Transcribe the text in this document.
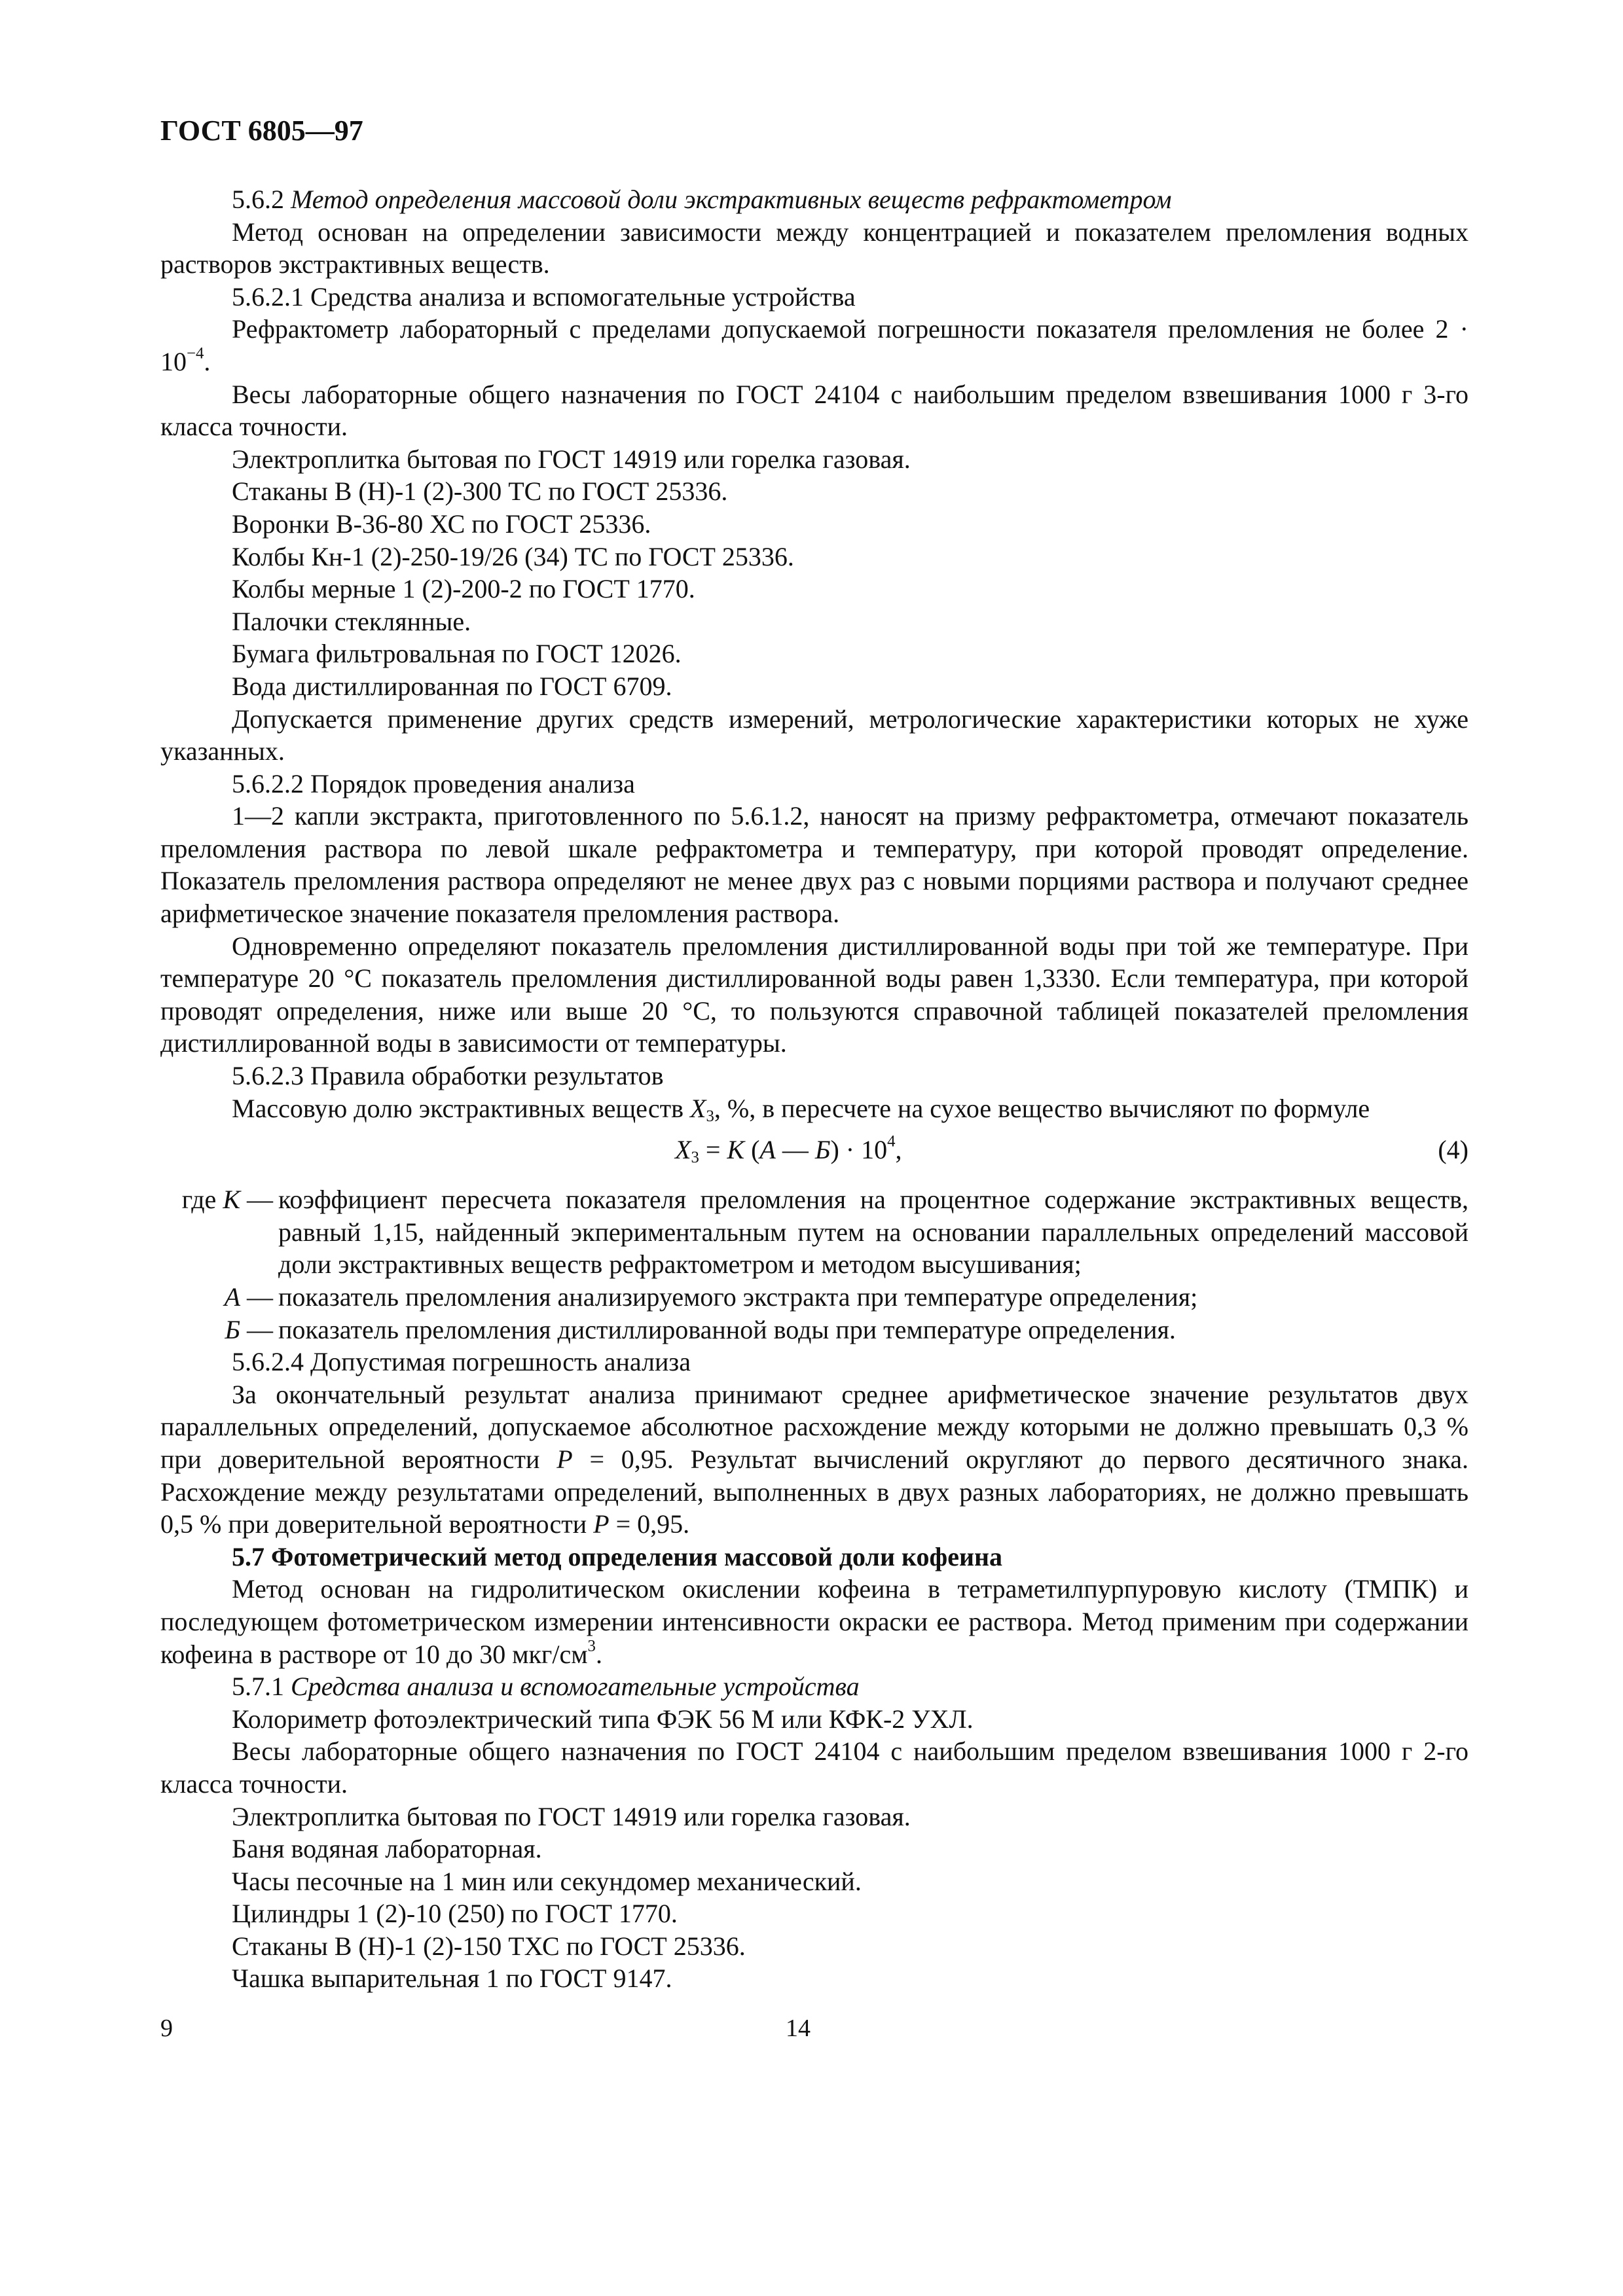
ГОСТ 6805—97

5.6.2 Метод определения массовой доли экстрактивных веществ рефрактометром

Метод основан на определении зависимости между концентрацией и показателем преломления водных растворов экстрактивных веществ.

5.6.2.1 Средства анализа и вспомогательные устройства

Рефрактометр лабораторный с пределами допускаемой погрешности показателя преломления не более $2 \cdot 10^{-4}$.

Весы лабораторные общего назначения по ГОСТ 24104 с наибольшим пределом взвешивания 1000 г 3-го класса точности.

Электроплитка бытовая по ГОСТ 14919 или горелка газовая.

Стаканы В (Н)-1 (2)-300 ТС по ГОСТ 25336.

Воронки В-36-80 ХС по ГОСТ 25336.

Колбы Кн-1 (2)-250-19/26 (34) ТС по ГОСТ 25336.

Колбы мерные 1 (2)-200-2 по ГОСТ 1770.

Палочки стеклянные.

Бумага фильтровальная по ГОСТ 12026.

Вода дистиллированная по ГОСТ 6709.

Допускается применение других средств измерений, метрологические характеристики которых не хуже указанных.

5.6.2.2 Порядок проведения анализа

1—2 капли экстракта, приготовленного по 5.6.1.2, наносят на призму рефрактометра, отмечают показатель преломления раствора по левой шкале рефрактометра и температуру, при которой проводят определение. Показатель преломления раствора определяют не менее двух раз с новыми порциями раствора и получают среднее арифметическое значение показателя преломления раствора.

Одновременно определяют показатель преломления дистиллированной воды при той же температуре. При температуре 20 °С показатель преломления дистиллированной воды равен 1,3330. Если температура, при которой проводят определения, ниже или выше 20 °С, то пользуются справочной таблицей показателей преломления дистиллированной воды в зависимости от температуры.

5.6.2.3 Правила обработки результатов

Массовую долю экстрактивных веществ $X_3$, %, в пересчете на сухое вещество вычисляют по формуле

$X_3 = K$ (A — $Б) \cdot 10^4$,	(4)
где K — коэффициент пересчета показателя преломления на процентное содержание экстрактивных веществ, равный 1,15, найденный экпериментальным путем на основании параллельных определений массовой доли экстрактивных веществ рефрактометром и методом высушивания;
A — показатель преломления анализируемого экстракта при температуре определения;
Б — показатель преломления дистиллированной воды при температуре определения.

5.6.2.4 Допустимая погрешность анализа

За окончательный результат анализа принимают среднее арифметическое значение результатов двух параллельных определений, допускаемое абсолютное расхождение между которыми не должно превышать 0,3 % при доверительной вероятности P = 0,95. Результат вычислений округляют до первого десятичного знака. Расхождение между результатами определений, выполненных в двух разных лабораториях, не должно превышать 0,5 % при доверительной вероятности P = 0,95.

5.7 Фотометрический метод определения массовой доли кофеина

Метод основан на гидролитическом окислении кофеина в тетраметилпурпуровую кислоту (ТМПК) и последующем фотометрическом измерении интенсивности окраски ее раствора. Метод применим при содержании кофеина в растворе от 10 до 30 мкг/$см^3$.

5.7.1 Средства анализа и вспомогательные устройства

Колориметр фотоэлектрический типа ФЭК 56 М или КФК-2 УХЛ.

Весы лабораторные общего назначения по ГОСТ 24104 с наибольшим пределом взвешивания 1000 г 2-го класса точности.

Электроплитка бытовая по ГОСТ 14919 или горелка газовая.

Баня водяная лабораторная.

Часы песочные на 1 мин или секундомер механический.

Цилиндры 1 (2)-10 (250) по ГОСТ 1770.

Стаканы В (Н)-1 (2)-150 ТХС по ГОСТ 25336.

Чашка выпарительная 1 по ГОСТ 9147.

9	14
